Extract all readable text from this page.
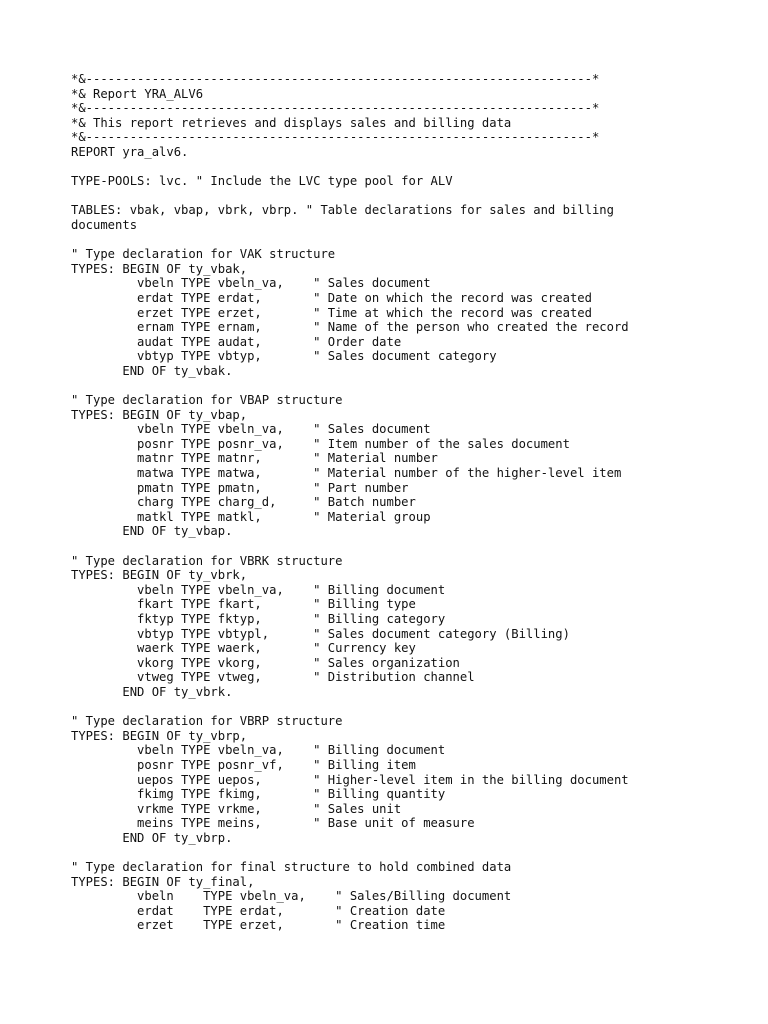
*&---------------------------------------------------------------------*
*& Report YRA_ALV6
*&---------------------------------------------------------------------*
*& This report retrieves and displays sales and billing data
*&---------------------------------------------------------------------*
REPORT yra_alv6.
TYPE-POOLS: lvc. " Include the LVC type pool for ALV
TABLES: vbak, vbap, vbrk, vbrp. " Table declarations for sales and billing
documents
" Type declaration for VAK structure
TYPES: BEGIN OF ty_vbak,
vbeln TYPE vbeln_va,    " Sales document
erdat TYPE erdat,       " Date on which the record was created
erzet TYPE erzet,       " Time at which the record was created
ernam TYPE ernam,       " Name of the person who created the record
audat TYPE audat,       " Order date
vbtyp TYPE vbtyp,       " Sales document category
END OF ty_vbak.
" Type declaration for VBAP structure
TYPES: BEGIN OF ty_vbap,
vbeln TYPE vbeln_va,    " Sales document
posnr TYPE posnr_va,    " Item number of the sales document
matnr TYPE matnr,       " Material number
matwa TYPE matwa,       " Material number of the higher-level item
pmatn TYPE pmatn,       " Part number
charg TYPE charg_d,     " Batch number
matkl TYPE matkl,       " Material group
END OF ty_vbap.
" Type declaration for VBRK structure
TYPES: BEGIN OF ty_vbrk,
vbeln TYPE vbeln_va,    " Billing document
fkart TYPE fkart,       " Billing type
fktyp TYPE fktyp,       " Billing category
vbtyp TYPE vbtypl,      " Sales document category (Billing)
waerk TYPE waerk,       " Currency key
vkorg TYPE vkorg,       " Sales organization
vtweg TYPE vtweg,       " Distribution channel
END OF ty_vbrk.
" Type declaration for VBRP structure
TYPES: BEGIN OF ty_vbrp,
vbeln TYPE vbeln_va,    " Billing document
posnr TYPE posnr_vf,    " Billing item
uepos TYPE uepos,       " Higher-level item in the billing document
fkimg TYPE fkimg,       " Billing quantity
vrkme TYPE vrkme,       " Sales unit
meins TYPE meins,       " Base unit of measure
END OF ty_vbrp.
" Type declaration for final structure to hold combined data
TYPES: BEGIN OF ty_final,
vbeln    TYPE vbeln_va,    " Sales/Billing document
erdat    TYPE erdat,       " Creation date
erzet    TYPE erzet,       " Creation time
